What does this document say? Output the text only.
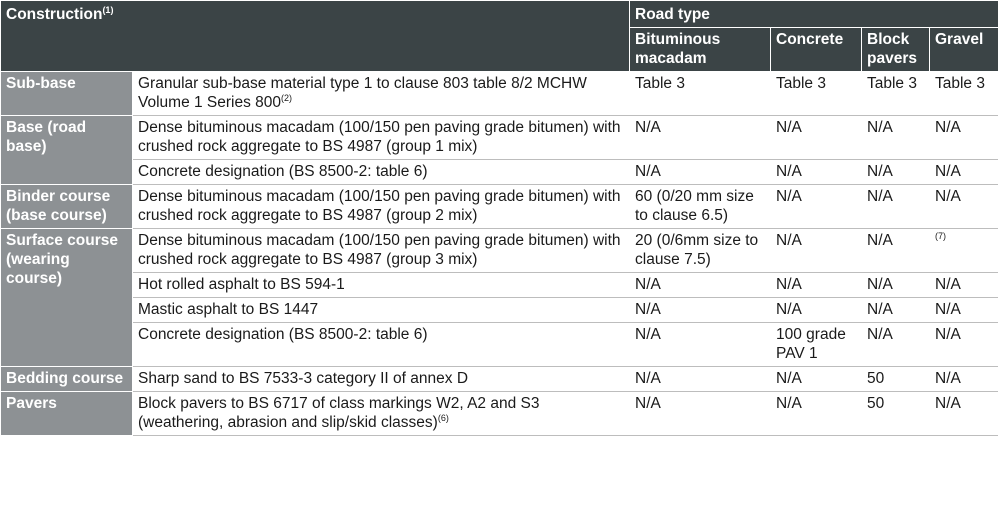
Construction$^{(1)}$		Road type			
		Bituminous macadam	Concrete	Block pavers	Gravel
Sub-base	Granular sub-base material type 1 to clause 803 table 8/2 MCHW Volume 1 Series 800$^{(2)}$	Table 3	Table 3	Table 3	Table 3
Base (road base)	Dense bituminous macadam (100/150 pen paving grade bitumen) with crushed rock aggregate to BS 4987 (group 1 mix)	N/A	N/A	N/A	N/A
	Concrete designation (BS 8500-2: table 6)	N/A	N/A	N/A	N/A
Binder course (base course)	Dense bituminous macadam (100/150 pen paving grade bitumen) with crushed rock aggregate to BS 4987 (group 2 mix)	60 (0/20 mm size to clause 6.5)	N/A	N/A	N/A
Surface course (wearing course)	Dense bituminous macadam (100/150 pen paving grade bitumen) with crushed rock aggregate to BS 4987 (group 3 mix)	20 (0/6mm size to clause 7.5)	N/A	N/A	$^{(7)}$
	Hot rolled asphalt to BS 594-1	N/A	N/A	N/A	N/A
	Mastic asphalt to BS 1447	N/A	N/A	N/A	N/A
	Concrete designation (BS 8500-2: table 6)	N/A	100 grade PAV 1	N/A	N/A
Bedding course	Sharp sand to BS 7533-3 category II of annex D	N/A	N/A	50	N/A
Pavers	Block pavers to BS 6717 of class markings W2, A2 and S3 (weathering, abrasion and slip/skid classes)$^{(6)}$	N/A	N/A	50	N/A
